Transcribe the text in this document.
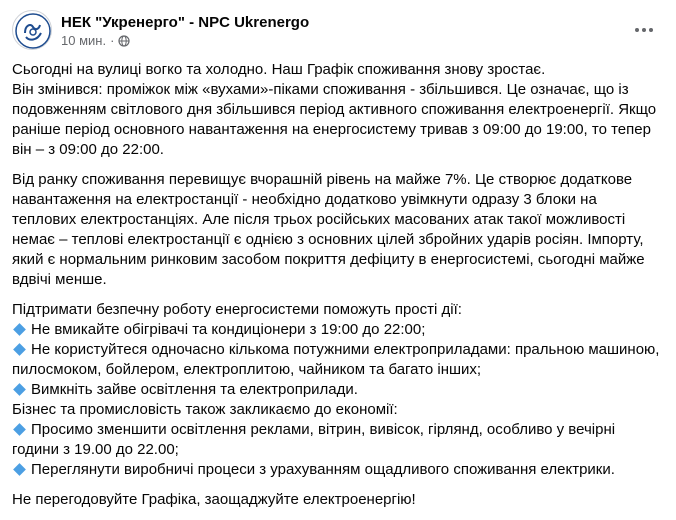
НЕК "Укренерго" - NPC Ukrenergo
10 мин. ·

Сьогодні на вулиці вогко та холодно. Наш Графік споживання знову зростає.
Він змінився: проміжок між «вухами»-піками споживання - збільшився. Це означає, що із
подовженням світлового дня збільшився період активного споживання електроенергії. Якщо
раніше період основного навантаження на енергосистему тривав з 09:00 до 19:00, то тепер
він – з 09:00 до 22:00.

Від ранку споживання перевищує вчорашній рівень на майже 7%. Це створює додаткове
навантаження на електростанції - необхідно додатково увімкнути одразу 3 блоки на
теплових електростанціях. Але після трьох російських масованих атак такої можливості
немає – теплові електростанції є однією з основних цілей збройних ударів росіян. Імпорту,
який є нормальним ринковим засобом покриття дефіциту в енергосистемі, сьогодні майже
вдвічі менше.

Підтримати безпечну роботу енергосистеми поможуть прості дії:
Не вмикайте обігрівачі та кондиціонери з 19:00 до 22:00;
Не користуйтеся одночасно кількома потужними електроприладами: пральною машиною,
пилосмоком, бойлером, електроплитою, чайником та багато інших;
Вимкніть зайве освітлення та електроприлади.
Бізнес та промисловість також закликаємо до економії:
Просимо зменшити освітлення реклами, вітрин, вивісок, гірлянд, особливо у вечірні
години з 19.00 до 22.00;
Переглянути виробничі процеси з урахуванням ощадливого споживання електрики.

Не перегодовуйте Графіка, заощаджуйте електроенергію!
